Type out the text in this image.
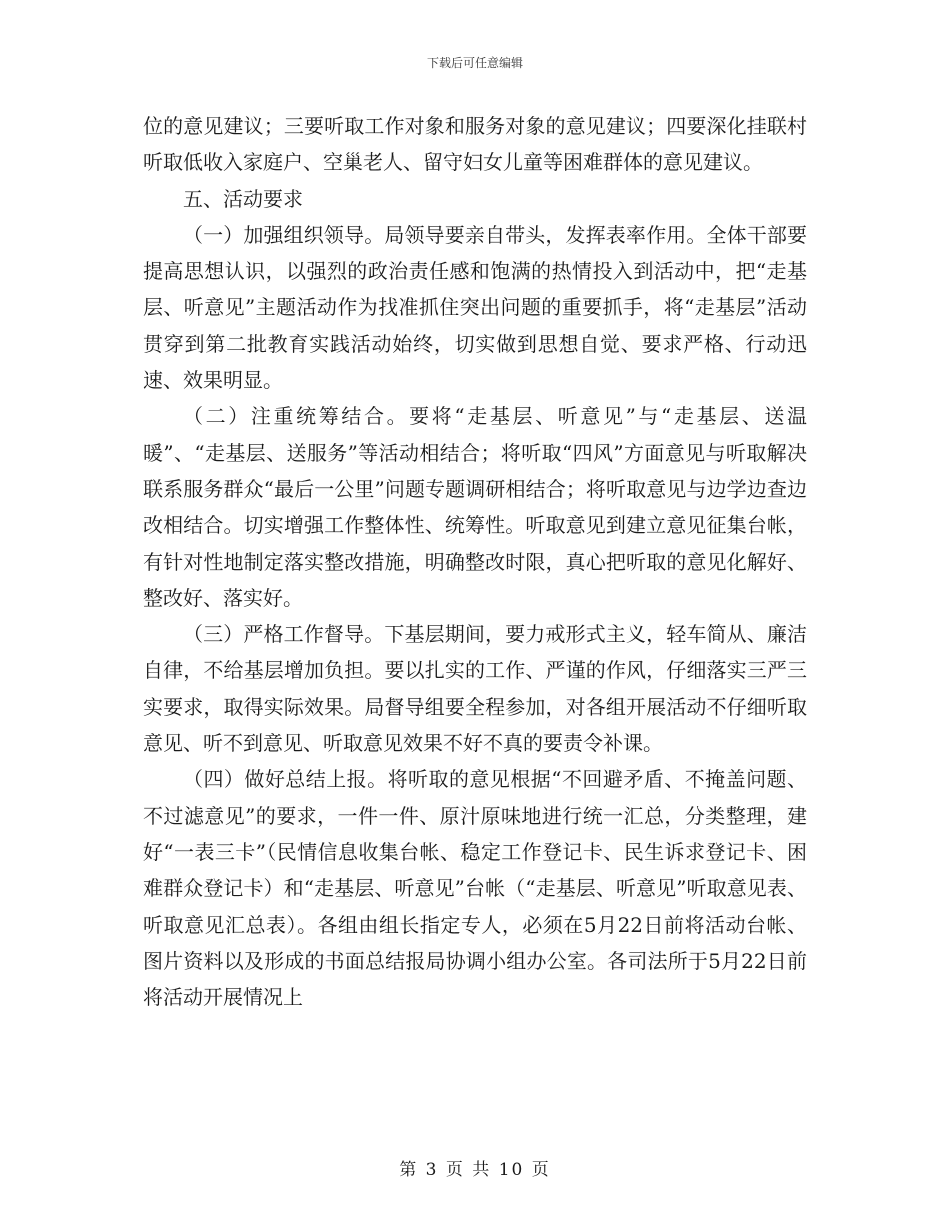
下载后可任意编辑

位的意见建议；三要听取工作对象和服务对象的意见建议；四要深化挂联村听取低收入家庭户、空巢老人、留守妇女儿童等困难群体的意见建议。

五、活动要求

（一）加强组织领导。局领导要亲自带头，发挥表率作用。全体干部要提高思想认识，以强烈的政治责任感和饱满的热情投入到活动中，把“走基层、听意见”主题活动作为找准抓住突出问题的重要抓手，将“走基层”活动贯穿到第二批教育实践活动始终，切实做到思想自觉、要求严格、行动迅速、效果明显。

（二）注重统筹结合。要将“走基层、听意见”与“走基层、送温暖”、“走基层、送服务”等活动相结合；将听取“四风”方面意见与听取解决联系服务群众“最后一公里”问题专题调研相结合；将听取意见与边学边查边改相结合。切实增强工作整体性、统筹性。听取意见到建立意见征集台帐，有针对性地制定落实整改措施，明确整改时限，真心把听取的意见化解好、整改好、落实好。

（三）严格工作督导。下基层期间，要力戒形式主义，轻车简从、廉洁自律，不给基层增加负担。要以扎实的工作、严谨的作风，仔细落实三严三实要求，取得实际效果。局督导组要全程参加，对各组开展活动不仔细听取意见、听不到意见、听取意见效果不好不真的要责令补课。

（四）做好总结上报。将听取的意见根据“不回避矛盾、不掩盖问题、不过滤意见”的要求，一件一件、原汁原味地进行统一汇总，分类整理，建好“一表三卡”（民情信息收集台帐、稳定工作登记卡、民生诉求登记卡、困难群众登记卡）和“走基层、听意见”台帐（“走基层、听意见”听取意见表、听取意见汇总表）。各组由组长指定专人，必须在5月22日前将活动台帐、图片资料以及形成的书面总结报局协调小组办公室。各司法所于5月22日前将活动开展情况上

第 3 页 共 10 页
